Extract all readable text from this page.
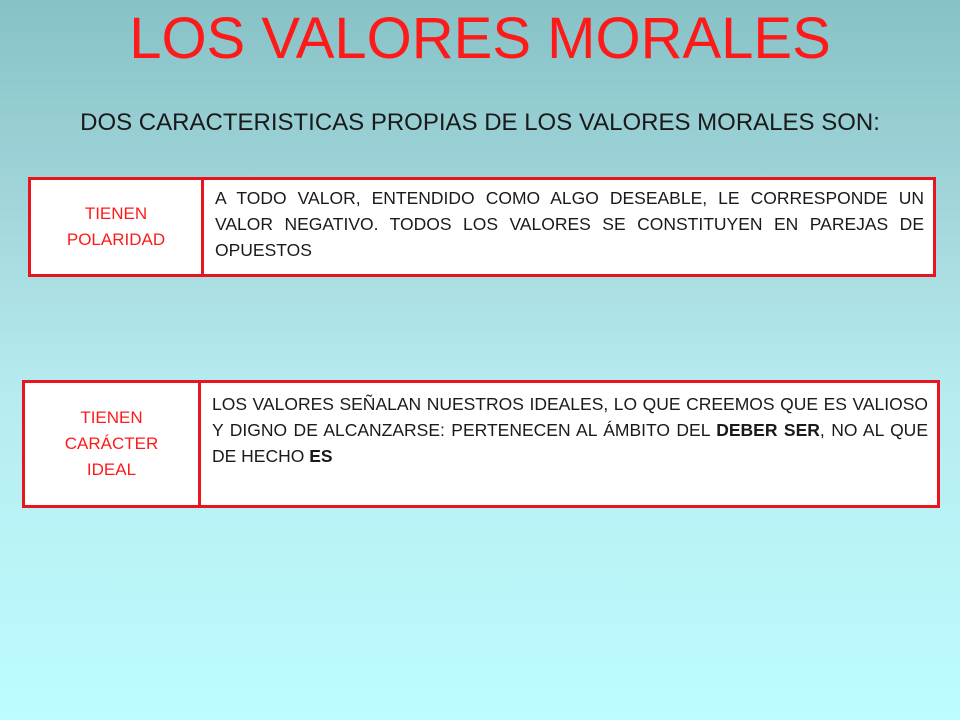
LOS VALORES MORALES
DOS CARACTERISTICAS PROPIAS DE LOS VALORES MORALES SON:
TIENEN POLARIDAD
A TODO VALOR, ENTENDIDO COMO ALGO DESEABLE, LE CORRESPONDE UN VALOR NEGATIVO. TODOS LOS VALORES SE CONSTITUYEN EN PAREJAS DE OPUESTOS
TIENEN CARÁCTER IDEAL
LOS VALORES SEÑALAN NUESTROS IDEALES, LO QUE CREEMOS QUE ES VALIOSO Y DIGNO DE ALCANZARSE: PERTENECEN AL ÁMBITO DEL DEBER SER, NO AL QUE DE HECHO ES
